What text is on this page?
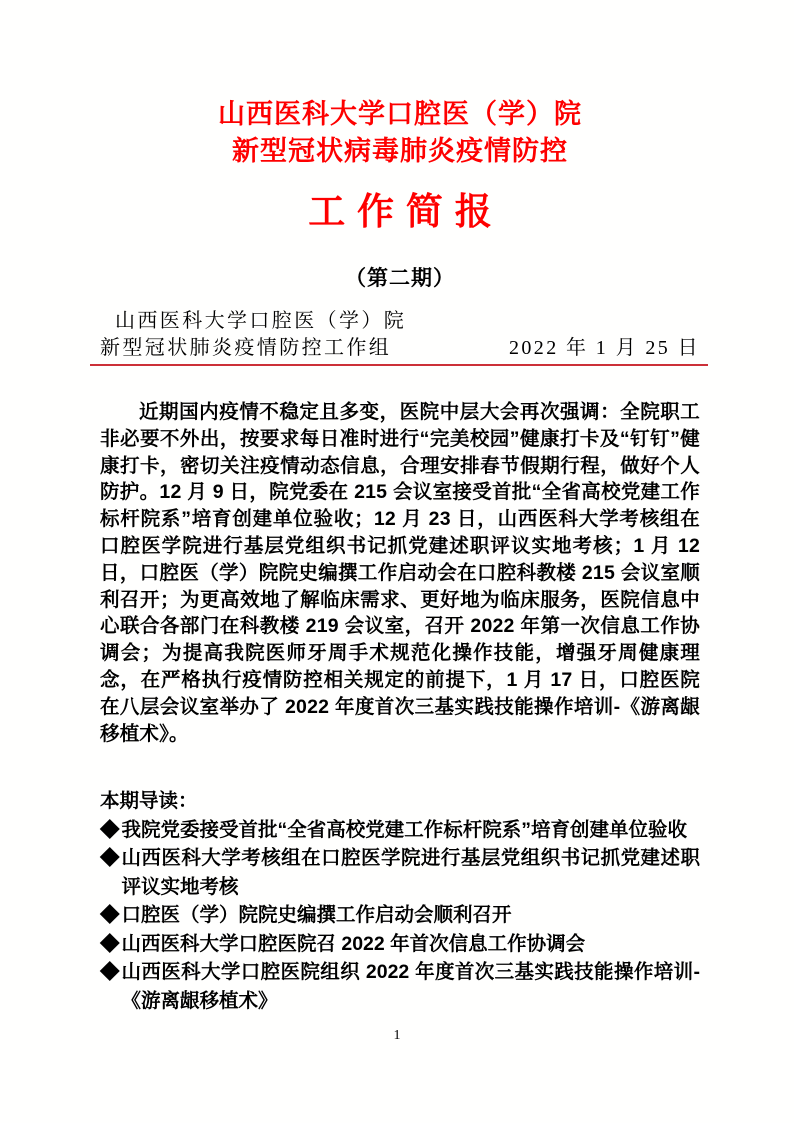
山西医科大学口腔医（学）院
新型冠状病毒肺炎疫情防控
工作简报
（第二期）
山西医科大学口腔医（学）院
新型冠状肺炎疫情防控工作组	2022 年 1 月 25 日
近期国内疫情不稳定且多变，医院中层大会再次强调：全院职工非必要不外出，按要求每日准时进行“完美校园”健康打卡及“钉钉”健康打卡，密切关注疫情动态信息，合理安排春节假期行程，做好个人防护。12 月 9 日，院党委在 215 会议室接受首批“全省高校党建工作标杆院系”培育创建单位验收；12 月 23 日，山西医科大学考核组在口腔医学院进行基层党组织书记抓党建述职评议实地考核；1 月 12 日，口腔医（学）院院史编撰工作启动会在口腔科教楼 215 会议室顺利召开；为更高效地了解临床需求、更好地为临床服务，医院信息中心联合各部门在科教楼 219 会议室，召开 2022 年第一次信息工作协调会；为提高我院医师牙周手术规范化操作技能，增强牙周健康理念，在严格执行疫情防控相关规定的前提下，1 月 17 日，口腔医院在八层会议室举办了 2022 年度首次三基实践技能操作培训-《游离龈移植术》。
本期导读：
◆ 我院党委接受首批“全省高校党建工作标杆院系”培育创建单位验收
◆ 山西医科大学考核组在口腔医学院进行基层党组织书记抓党建述职评议实地考核
◆ 口腔医（学）院院史编撰工作启动会顺利召开
◆ 山西医科大学口腔医院召 2022 年首次信息工作协调会
◆ 山西医科大学口腔医院组织 2022 年度首次三基实践技能操作培训-《游离龈移植术》
1
